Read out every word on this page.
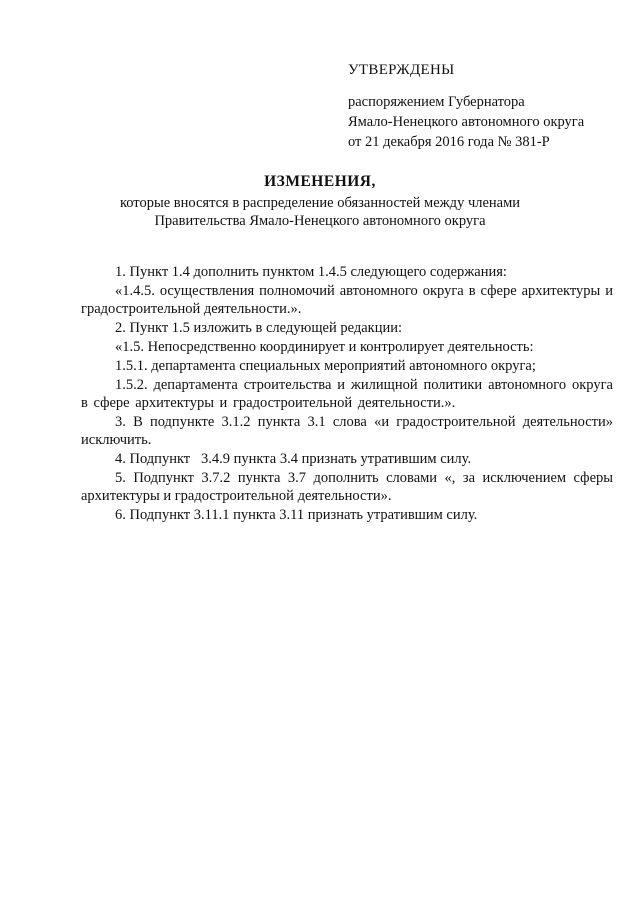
УТВЕРЖДЕНЫ
распоряжением Губернатора
Ямало-Ненецкого автономного округа
от 21 декабря 2016 года № 381-Р
ИЗМЕНЕНИЯ,
которые вносятся в распределение обязанностей между членами
Правительства Ямало-Ненецкого автономного округа

1. Пункт 1.4 дополнить пунктом 1.4.5 следующего содержания:

«1.4.5. осуществления полномочий автономного округа в сфере архитектуры и градостроительной деятельности.».

2. Пункт 1.5 изложить в следующей редакции:

«1.5. Непосредственно координирует и контролирует деятельность:

1.5.1. департамента специальных мероприятий автономного округа;

1.5.2. департамента строительства и жилищной политики автономного округа в сфере архитектуры и градостроительной деятельности.».

3. В подпункте 3.1.2 пункта 3.1 слова «и градостроительной деятельности» исключить.

4. Подпункт   3.4.9 пункта 3.4 признать утратившим силу.

5. Подпункт 3.7.2 пункта 3.7 дополнить словами «, за исключением сферы архитектуры и градостроительной деятельности».

6. Подпункт 3.11.1 пункта 3.11 признать утратившим силу.
